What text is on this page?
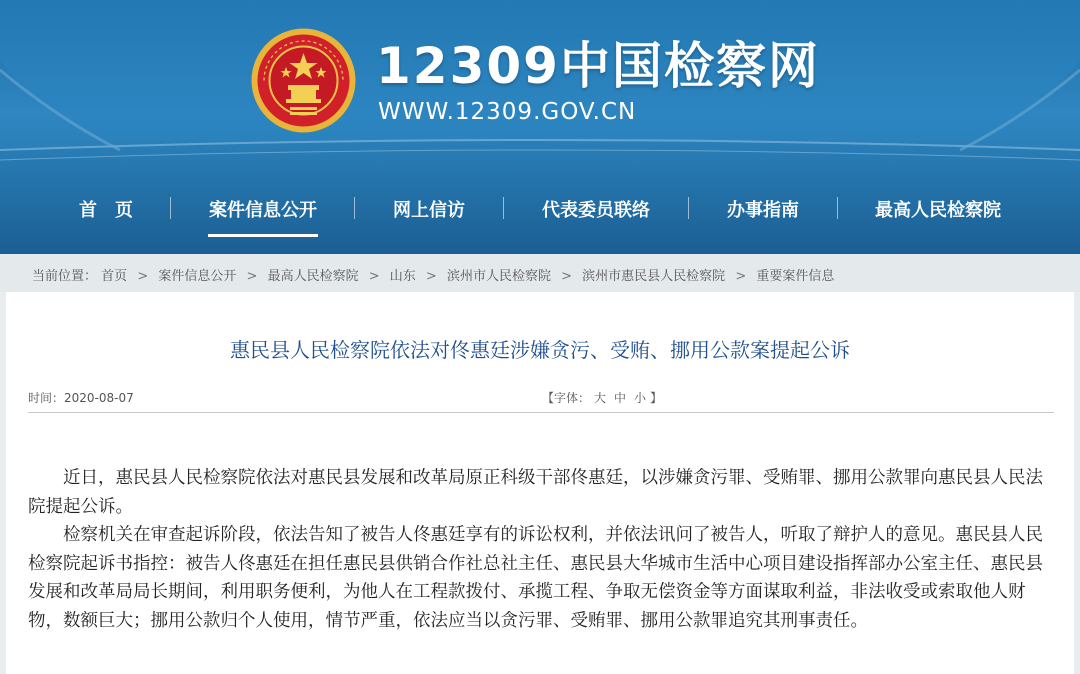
12309中国检察网
WWW.12309.GOV.CN
首　页	案件信息公开	网上信访	代表委员联络	办事指南	最高人民检察院
当前位置： 首页 > 案件信息公开 > 最高人民检察院 > 山东 > 滨州市人民检察院 > 滨州市惠民县人民检察院 > 重要案件信息
惠民县人民检察院依法对佟惠廷涉嫌贪污、受贿、挪用公款案提起公诉
时间：2020-08-07	【字体： 大 中 小 】

近日，惠民县人民检察院依法对惠民县发展和改革局原正科级干部佟惠廷，以涉嫌贪污罪、受贿罪、挪用公款罪向惠民县人民法院提起公诉。

检察机关在审查起诉阶段，依法告知了被告人佟惠廷享有的诉讼权利，并依法讯问了被告人，听取了辩护人的意见。惠民县人民检察院起诉书指控：被告人佟惠廷在担任惠民县供销合作社总社主任、惠民县大华城市生活中心项目建设指挥部办公室主任、惠民县发展和改革局局长期间，利用职务便利，为他人在工程款拨付、承揽工程、争取无偿资金等方面谋取利益，非法收受或索取他人财物，数额巨大；挪用公款归个人使用，情节严重，依法应当以贪污罪、受贿罪、挪用公款罪追究其刑事责任。
